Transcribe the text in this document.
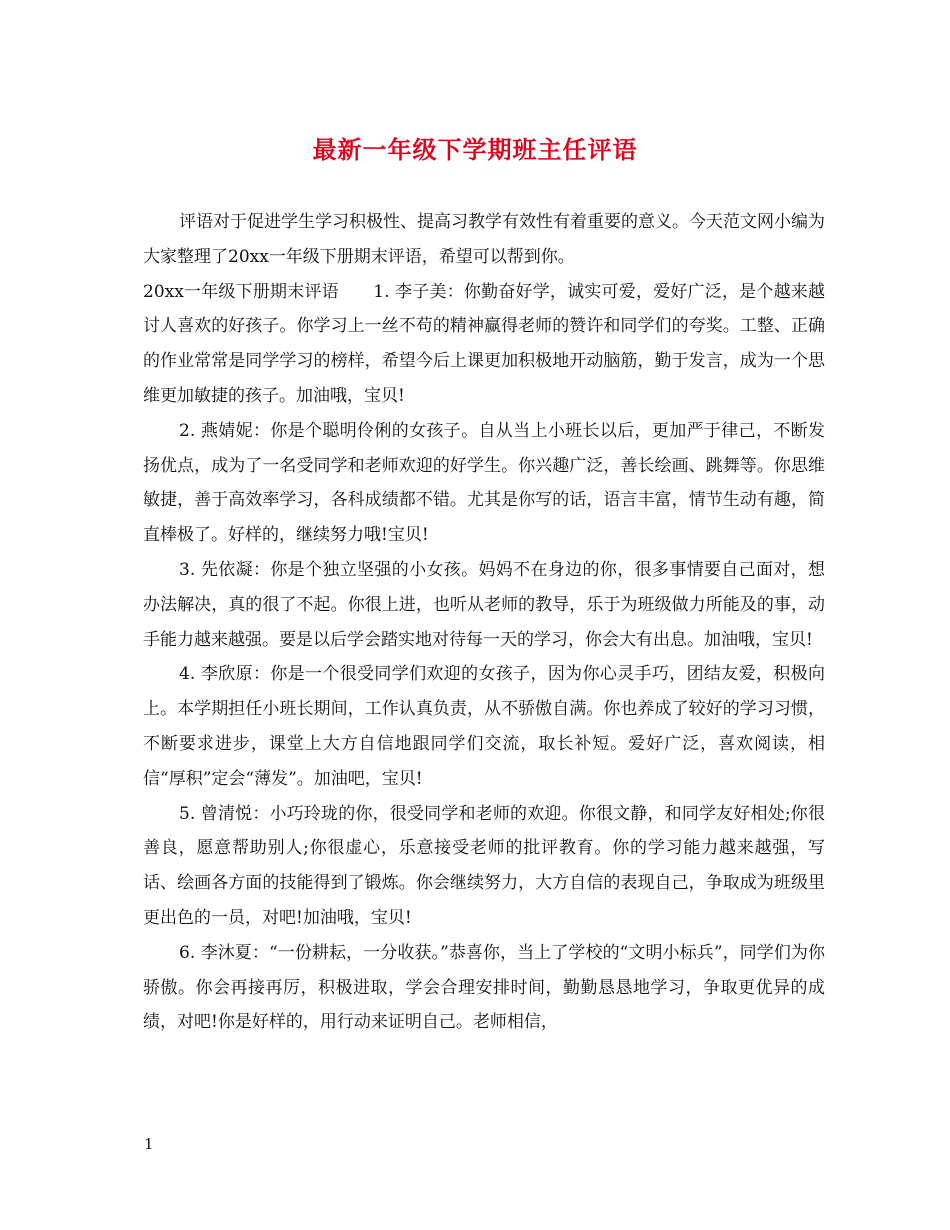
最新一年级下学期班主任评语

评语对于促进学生学习积极性、提高习教学有效性有着重要的意义。今天范文网小编为大家整理了20xx一年级下册期末评语，希望可以帮到你。

20xx一年级下册期末评语　　1. 李子美：你勤奋好学，诚实可爱，爱好广泛，是个越来越讨人喜欢的好孩子。你学习上一丝不苟的精神赢得老师的赞许和同学们的夸奖。工整、正确的作业常常是同学学习的榜样，希望今后上课更加积极地开动脑筋，勤于发言，成为一个思维更加敏捷的孩子。加油哦，宝贝!

2. 燕婧妮：你是个聪明伶俐的女孩子。自从当上小班长以后，更加严于律己，不断发扬优点，成为了一名受同学和老师欢迎的好学生。你兴趣广泛，善长绘画、跳舞等。你思维敏捷，善于高效率学习，各科成绩都不错。尤其是你写的话，语言丰富，情节生动有趣，简直棒极了。好样的，继续努力哦!宝贝!

3. 先依凝：你是个独立坚强的小女孩。妈妈不在身边的你，很多事情要自己面对，想办法解决，真的很了不起。你很上进，也听从老师的教导，乐于为班级做力所能及的事，动手能力越来越强。要是以后学会踏实地对待每一天的学习，你会大有出息。加油哦，宝贝!

4. 李欣原：你是一个很受同学们欢迎的女孩子，因为你心灵手巧，团结友爱，积极向上。本学期担任小班长期间，工作认真负责，从不骄傲自满。你也养成了较好的学习习惯，不断要求进步，课堂上大方自信地跟同学们交流，取长补短。爱好广泛，喜欢阅读，相信“厚积”定会“薄发”。加油吧，宝贝!

5. 曾清悦：小巧玲珑的你，很受同学和老师的欢迎。你很文静，和同学友好相处;你很善良，愿意帮助别人;你很虚心，乐意接受老师的批评教育。你的学习能力越来越强，写话、绘画各方面的技能得到了锻炼。你会继续努力，大方自信的表现自己，争取成为班级里更出色的一员，对吧!加油哦，宝贝!

6. 李沐夏：“一份耕耘，一分收获。”恭喜你，当上了学校的“文明小标兵”，同学们为你骄傲。你会再接再厉，积极进取，学会合理安排时间，勤勤恳恳地学习，争取更优异的成绩，对吧!你是好样的，用行动来证明自己。老师相信，

1
